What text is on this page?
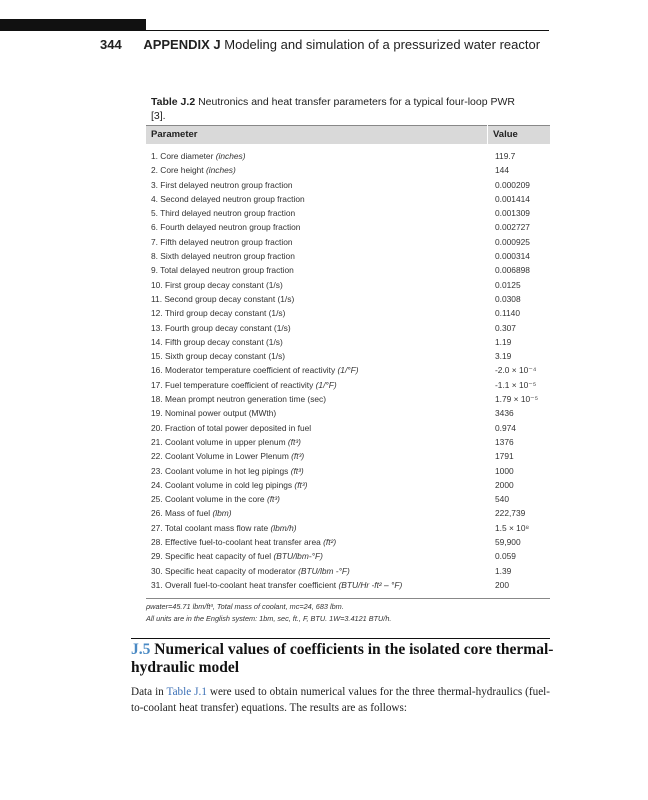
344 APPENDIX J Modeling and simulation of a pressurized water reactor
Table J.2 Neutronics and heat transfer parameters for a typical four-loop PWR [3].
Parameter	Value
1. Core diameter (inches)	119.7
2. Core height (inches)	144
3. First delayed neutron group fraction	0.000209
4. Second delayed neutron group fraction	0.001414
5. Third delayed neutron group fraction	0.001309
6. Fourth delayed neutron group fraction	0.002727
7. Fifth delayed neutron group fraction	0.000925
8. Sixth delayed neutron group fraction	0.000314
9. Total delayed neutron group fraction	0.006898
10. First group decay constant (1/s)	0.0125
11. Second group decay constant (1/s)	0.0308
12. Third group decay constant (1/s)	0.1140
13. Fourth group decay constant (1/s)	0.307
14. Fifth group decay constant (1/s)	1.19
15. Sixth group decay constant (1/s)	3.19
16. Moderator temperature coefficient of reactivity (1/°F)	-2.0 × 10⁻⁴
17. Fuel temperature coefficient of reactivity (1/°F)	-1.1 × 10⁻⁵
18. Mean prompt neutron generation time (sec)	1.79 × 10⁻⁵
19. Nominal power output (MWth)	3436
20. Fraction of total power deposited in fuel	0.974
21. Coolant volume in upper plenum (ft³)	1376
22. Coolant Volume in Lower Plenum (ft³)	1791
23. Coolant volume in hot leg pipings (ft³)	1000
24. Coolant volume in cold leg pipings (ft³)	2000
25. Coolant volume in the core (ft³)	540
26. Mass of fuel (lbm)	222,739
27. Total coolant mass flow rate (lbm/h)	1.5 × 10⁸
28. Effective fuel-to-coolant heat transfer area (ft²)	59,900
29. Specific heat capacity of fuel (BTU/lbm-°F)	0.059
30. Specific heat capacity of moderator (BTU/lbm -°F)	1.39
31. Overall fuel-to-coolant heat transfer coefficient (BTU/Hr -ft² – °F)	200
ρwater=45.71 lbm/ft³, Total mass of coolant, mc=24, 683 lbm.
All units are in the English system: 1bm, sec, ft., F, BTU. 1W=3.4121 BTU/h.
J.5 Numerical values of coefficients in the isolated core thermal-hydraulic model
Data in Table J.1 were used to obtain numerical values for the three thermal-hydraulics (fuel-to-coolant heat transfer) equations. The results are as follows:
